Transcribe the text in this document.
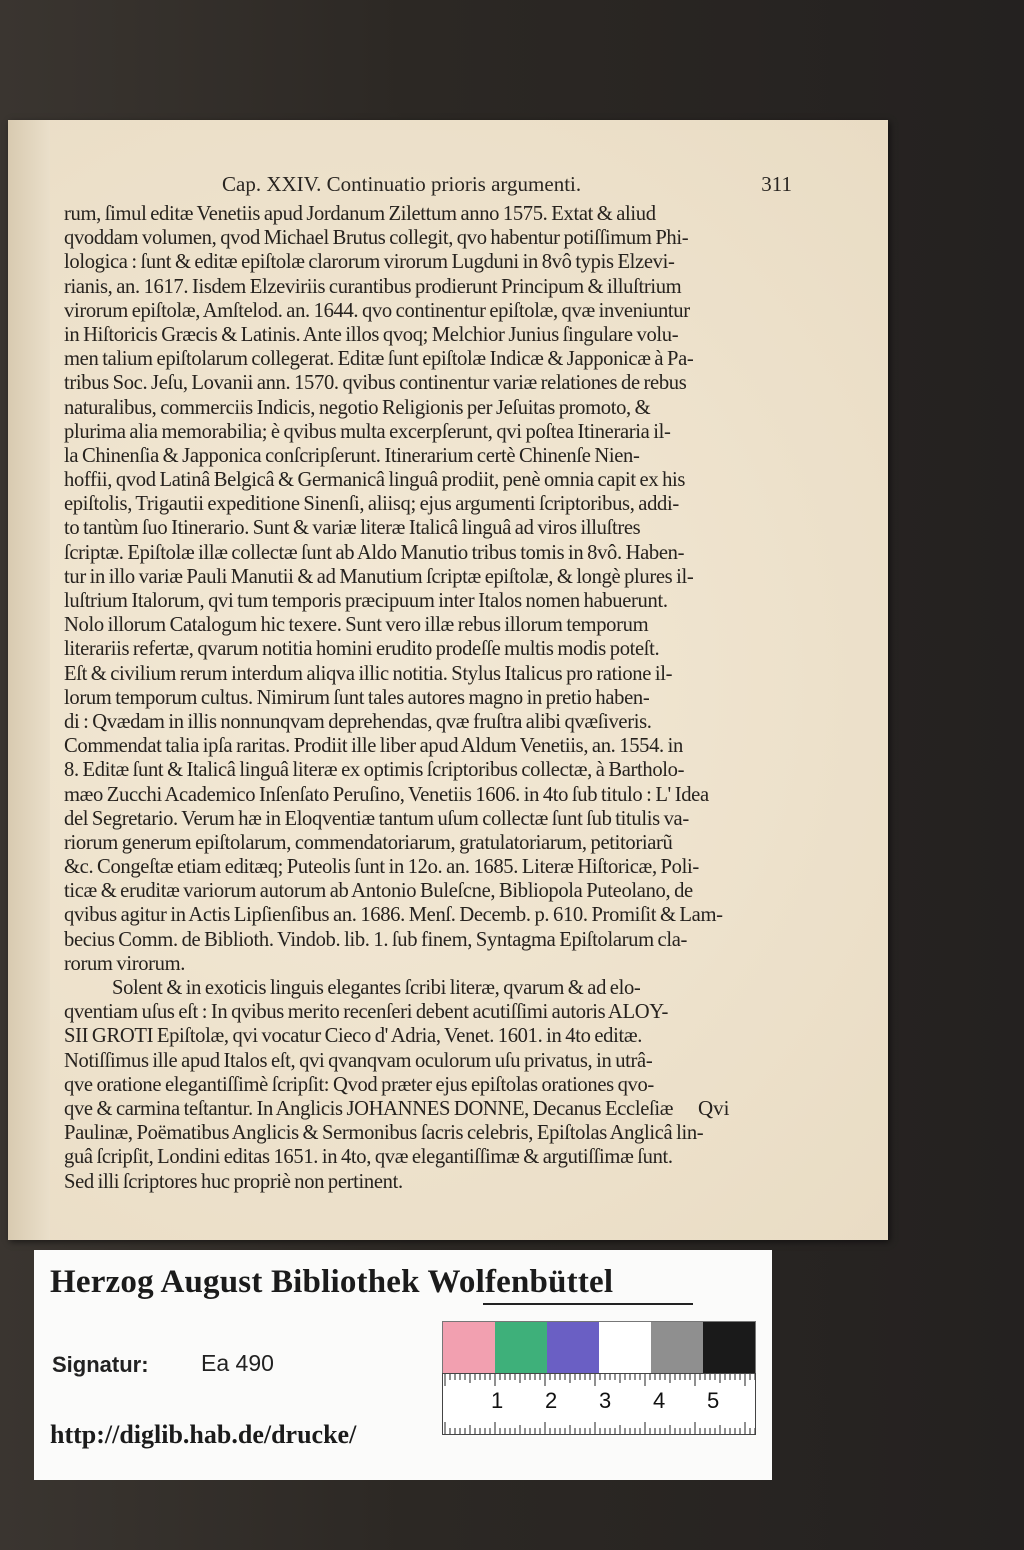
Cap. XXIV. Continuatio prioris argumenti.	311
rum, ſimul editæ Venetiis apud Jordanum Zilettum anno 1575. Extat & aliud
qvoddam volumen, qvod Michael Brutus collegit, qvo habentur potiſſimum Phi-
lologica : ſunt & editæ epiſtolæ clarorum virorum Lugduni in 8vô typis Elzevi-
rianis, an. 1617. Iisdem Elzeviriis curantibus prodierunt Principum & illuſtrium
virorum epiſtolæ, Amſtelod. an. 1644. qvo continentur epiſtolæ, qvæ inveniuntur
in Hiſtoricis Græcis & Latinis. Ante illos qvoq; Melchior Junius ſingulare volu-
men talium epiſtolarum collegerat. Editæ ſunt epiſtolæ Indicæ & Japponicæ à Pa-
tribus Soc. Jeſu, Lovanii ann. 1570. qvibus continentur variæ relationes de rebus
naturalibus, commerciis Indicis, negotio Religionis per Jeſuitas promoto, &
plurima alia memorabilia; è qvibus multa excerpſerunt, qvi poſtea Itineraria il-
la Chinenſia & Japponica conſcripſerunt. Itinerarium certè Chinenſe Nien-
hoffii, qvod Latinâ Belgicâ & Germanicâ linguâ prodiit, penè omnia capit ex his
epiſtolis, Trigautii expeditione Sinenſi, aliisq; ejus argumenti ſcriptoribus, addi-
to tantùm ſuo Itinerario. Sunt & variæ literæ Italicâ linguâ ad viros illuſtres
ſcriptæ. Epiſtolæ illæ collectæ ſunt ab Aldo Manutio tribus tomis in 8vô. Haben-
tur in illo variæ Pauli Manutii & ad Manutium ſcriptæ epiſtolæ, & longè plures il-
luſtrium Italorum, qvi tum temporis præcipuum inter Italos nomen habuerunt.
Nolo illorum Catalogum hic texere. Sunt vero illæ rebus illorum temporum
literariis refertæ, qvarum notitia homini erudito prodeſſe multis modis poteſt.
Eſt & civilium rerum interdum aliqva illic notitia. Stylus Italicus pro ratione il-
lorum temporum cultus. Nimirum ſunt tales autores magno in pretio haben-
di : Qvædam in illis nonnunqvam deprehendas, qvæ fruſtra alibi qvæſiveris.
Commendat talia ipſa raritas. Prodiit ille liber apud Aldum Venetiis, an. 1554. in
8. Editæ ſunt & Italicâ linguâ literæ ex optimis ſcriptoribus collectæ, à Bartholo-
mæo Zucchi Academico Inſenſato Peruſino, Venetiis 1606. in 4to ſub titulo : L' Idea
del Segretario. Verum hæ in Eloqventiæ tantum uſum collectæ ſunt ſub titulis va-
riorum generum epiſtolarum, commendatoriarum, gratulatoriarum, petitoriarũ
&c. Congeſtæ etiam editæq; Puteolis ſunt in 12o. an. 1685. Literæ Hiſtoricæ, Poli-
ticæ & eruditæ variorum autorum ab Antonio Buleſcne, Bibliopola Puteolano, de
qvibus agitur in Actis Lipſienſibus an. 1686. Menſ. Decemb. p. 610. Promiſit & Lam-
becius Comm. de Biblioth. Vindob. lib. 1. ſub finem, Syntagma Epiſtolarum cla-
rorum virorum.
Solent & in exoticis linguis elegantes ſcribi literæ, qvarum & ad elo-
qventiam uſus eſt : In qvibus merito recenſeri debent acutiſſimi autoris ALOY-
SII GROTI Epiſtolæ, qvi vocatur Cieco d' Adria, Venet. 1601. in 4to editæ.
Notiſſimus ille apud Italos eſt, qvi qvanqvam oculorum uſu privatus, in utrâ-
qve oratione elegantiſſimè ſcripſit: Qvod præter ejus epiſtolas orationes qvo-
qve & carmina teſtantur. In Anglicis JOHANNES DONNE, Decanus Eccleſiæ
Paulinæ, Poëmatibus Anglicis & Sermonibus ſacris celebris, Epiſtolas Anglicâ lin-
guâ ſcripſit, Londini editas 1651. in 4to, qvæ elegantiſſimæ & argutiſſimæ ſunt.
Sed illi ſcriptores huc propriè non pertinent.
Qvi
Herzog August Bibliothek Wolfenbüttel
Signatur: Ea 490
http://diglib.hab.de/drucke/
1 2 3 4 5
